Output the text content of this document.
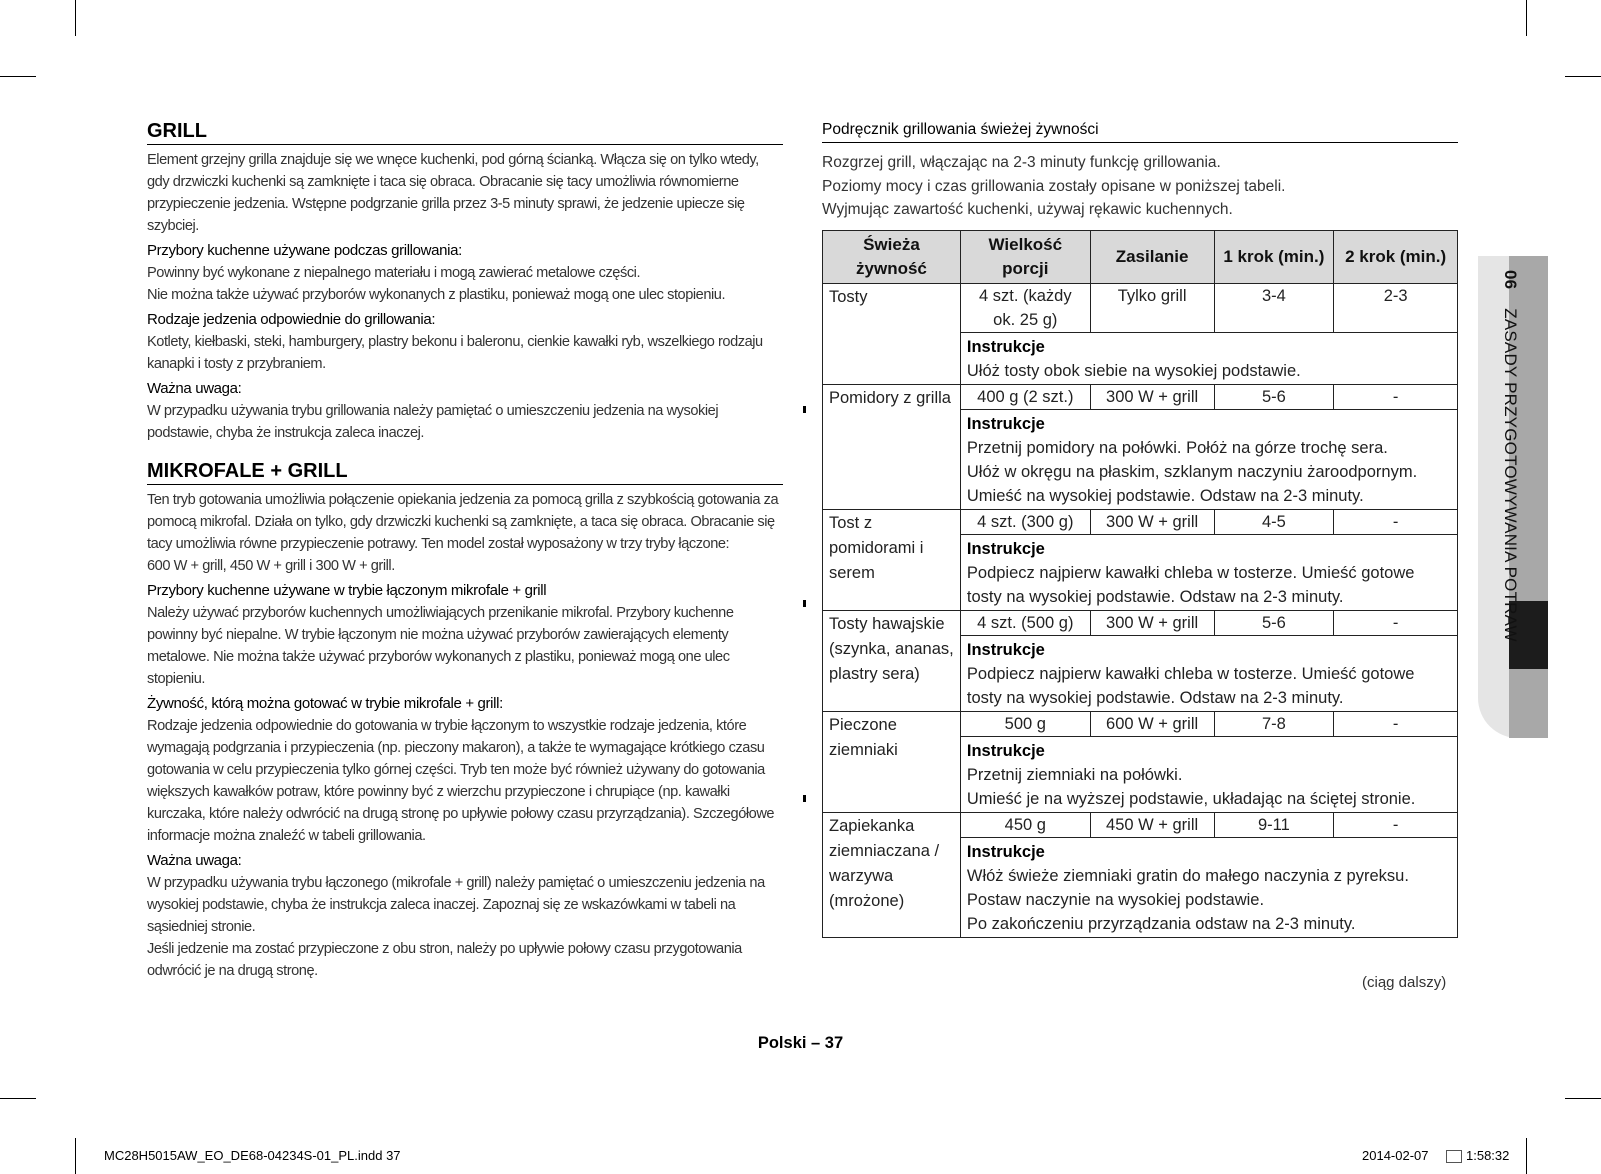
GRILL

Element grzejny grilla znajduje się we wnęce kuchenki, pod górną ścianką. Włącza się on tylko wtedy, gdy drzwiczki kuchenki są zamknięte i taca się obraca. Obracanie się tacy umożliwia równomierne przypieczenie jedzenia. Wstępne podgrzanie grilla przez 3-5 minuty sprawi, że jedzenie upiecze się szybciej.

Przybory kuchenne używane podczas grillowania:

Powinny być wykonane z niepalnego materiału i mogą zawierać metalowe części.

Nie można także używać przyborów wykonanych z plastiku, ponieważ mogą one ulec stopieniu.

Rodzaje jedzenia odpowiednie do grillowania:

Kotlety, kiełbaski, steki, hamburgery, plastry bekonu i baleronu, cienkie kawałki ryb, wszelkiego rodzaju kanapki i tosty z przybraniem.

Ważna uwaga:

W przypadku używania trybu grillowania należy pamiętać o umieszczeniu jedzenia na wysokiej podstawie, chyba że instrukcja zaleca inaczej.

MIKROFALE + GRILL

Ten tryb gotowania umożliwia połączenie opiekania jedzenia za pomocą grilla z szybkością gotowania za pomocą mikrofal. Działa on tylko, gdy drzwiczki kuchenki są zamknięte, a taca się obraca. Obracanie się tacy umożliwia równe przypieczenie potrawy. Ten model został wyposażony w trzy tryby łączone:

600 W + grill, 450 W + grill i 300 W + grill.

Przybory kuchenne używane w trybie łączonym mikrofale + grill

Należy używać przyborów kuchennych umożliwiających przenikanie mikrofal. Przybory kuchenne powinny być niepalne. W trybie łączonym nie można używać przyborów zawierających elementy metalowe. Nie można także używać przyborów wykonanych z plastiku, ponieważ mogą one ulec stopieniu.

Żywność, którą można gotować w trybie mikrofale + grill:

Rodzaje jedzenia odpowiednie do gotowania w trybie łączonym to wszystkie rodzaje jedzenia, które wymagają podgrzania i przypieczenia (np. pieczony makaron), a także te wymagające krótkiego czasu gotowania w celu przypieczenia tylko górnej części. Tryb ten może być również używany do gotowania większych kawałków potraw, które powinny być z wierzchu przypieczone i chrupiące (np. kawałki kurczaka, które należy odwrócić na drugą stronę po upływie połowy czasu przyrządzania). Szczegółowe informacje można znaleźć w tabeli grillowania.

Ważna uwaga:

W przypadku używania trybu łączonego (mikrofale + grill) należy pamiętać o umieszczeniu jedzenia na wysokiej podstawie, chyba że instrukcja zaleca inaczej. Zapoznaj się ze wskazówkami w tabeli na sąsiedniej stronie.

Jeśli jedzenie ma zostać przypieczone z obu stron, należy po upływie połowy czasu przygotowania odwrócić je na drugą stronę.

Podręcznik grillowania świeżej żywności

Rozgrzej grill, włączając na 2-3 minuty funkcję grillowania.

Poziomy mocy i czas grillowania zostały opisane w poniższej tabeli.

Wyjmując zawartość kuchenki, używaj rękawic kuchennych.

Świeża żywność	Wielkość porcji	Zasilanie	1 krok (min.)	2 krok (min.)
Tosty	4 szt. (każdy ok. 25 g)	Tylko grill	3-4	2-3

	Instrukcje
Ułóż tosty obok siebie na wysokiej podstawie.			

Pomidory z grilla	400 g (2 szt.)	300 W + grill	5-6	-

	Instrukcje
Przetnij pomidory na połówki. Połóż na górze trochę sera.
Ułóż w okręgu na płaskim, szklanym naczyniu żaroodpornym.
Umieść na wysokiej podstawie. Odstaw na 2-3 minuty.			

Tost z pomidorami i serem	4 szt. (300 g)	300 W + grill	4-5	-

	Instrukcje
Podpiecz najpierw kawałki chleba w tosterze. Umieść gotowe tosty na wysokiej podstawie. Odstaw na 2-3 minuty.			

Tosty hawajskie (szynka, ananas, plastry sera)	4 szt. (500 g)	300 W + grill	5-6	-

	Instrukcje
Podpiecz najpierw kawałki chleba w tosterze. Umieść gotowe tosty na wysokiej podstawie. Odstaw na 2-3 minuty.			

Pieczone ziemniaki	500 g	600 W + grill	7-8	-

	Instrukcje
Przetnij ziemniaki na połówki.
Umieść je na wyższej podstawie, układając na ściętej stronie.			

Zapiekanka ziemniaczana / warzywa (mrożone)	450 g	450 W + grill	9-11	-

	Instrukcje
Włóż świeże ziemniaki gratin do małego naczynia z pyreksu.
Postaw naczynie na wysokiej podstawie.
Po zakończeniu przyrządzania odstaw na 2-3 minuty.			
(ciąg dalszy)
Polski – 37
06 ZASADY PRZYGOTOWYWANIA POTRAW
MC28H5015AW_EO_DE68-04234S-01_PL.indd 37	2014-02-07	1:58:32
